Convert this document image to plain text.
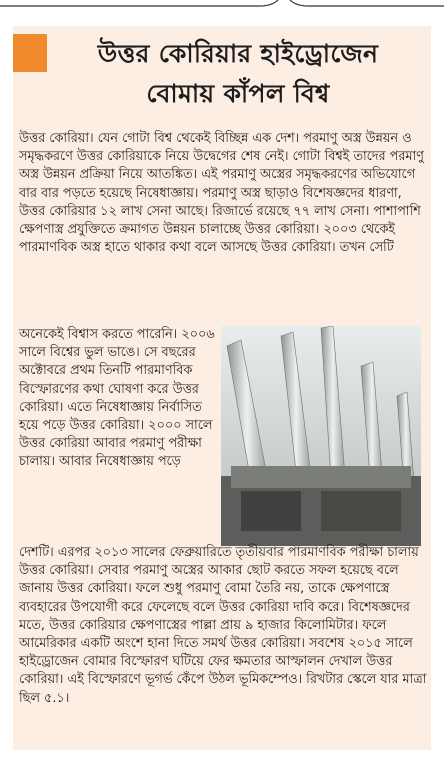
উত্তর কোরিয়ার হাইড্রোজেন
বোমায় কাঁপল বিশ্ব

উত্তর কোরিয়া। যেন গোটা বিশ্ব থেকেই বিচ্ছিন্ন এক দেশ। পরমাণু অস্ত্র উন্নয়ন ও সমৃদ্ধকরণে উত্তর কোরিয়াকে নিয়ে উদ্বেগের শেষ নেই। গোটা বিশ্বই তাদের পরমাণু অস্ত্র উন্নয়ন প্রক্রিয়া নিয়ে আতঙ্কিত। এই পরমাণু অস্ত্রের সমৃদ্ধকরণের অভিযোগে বার বার পড়তে হয়েছে নিষেধাজ্ঞায়। পরমাণু অস্ত্র ছাড়াও বিশেষজ্ঞদের ধারণা, উত্তর কোরিয়ার ১২ লাখ সেনা আছে। রিজার্ভে রয়েছে ৭৭ লাখ সেনা। পাশাপাশি ক্ষেপণাস্ত্র প্রযুক্তিতে ক্রমাগত উন্নয়ন চালাচ্ছে উত্তর কোরিয়া। ২০০৩ থেকেই পারমাণবিক অস্ত্র হাতে থাকার কথা বলে আসছে উত্তর কোরিয়া। তখন সেটি

অনেকেই বিশ্বাস করতে পারেনি। ২০০৬ সালে বিশ্বের ভুল ভাঙে। সে বছরের অক্টোবরে প্রথম তিনটি পারমাণবিক বিস্ফোরণের কথা ঘোষণা করে উত্তর কোরিয়া। এতে নিষেধাজ্ঞায় নির্বাসিত হয়ে পড়ে উত্তর কোরিয়া। ২০০০ সালে উত্তর কোরিয়া আবার পরমাণু পরীক্ষা চালায়। আবার নিষেধাজ্ঞায় পড়ে

দেশটি। এরপর ২০১৩ সালের ফেব্রুয়ারিতে তৃতীয়বার পারমাণবিক পরীক্ষা চালায় উত্তর কোরিয়া। সেবার পরমাণু অস্ত্রের আকার ছোট করতে সফল হয়েছে বলে জানায় উত্তর কোরিয়া। ফলে শুধু পরমাণু বোমা তৈরি নয়, তাকে ক্ষেপণাস্ত্রে ব্যবহারের উপযোগী করে ফেলেছে বলে উত্তর কোরিয়া দাবি করে। বিশেষজ্ঞদের মতে, উত্তর কোরিয়ার ক্ষেপণাস্ত্রের পাল্লা প্রায় ৯ হাজার কিলোমিটার। ফলে আমেরিকার একটি অংশে হানা দিতে সমর্থ উত্তর কোরিয়া। সবশেষ ২০১৫ সালে হাইড্রোজেন বোমার বিস্ফোরণ ঘটিয়ে ফের ক্ষমতার আস্ফালন দেখাল উত্তর কোরিয়া। এই বিস্ফোরণে ভূগর্ভ কেঁপে উঠল ভূমিকম্পেও। রিখটার স্কেলে যার মাত্রা ছিল ৫.১।
